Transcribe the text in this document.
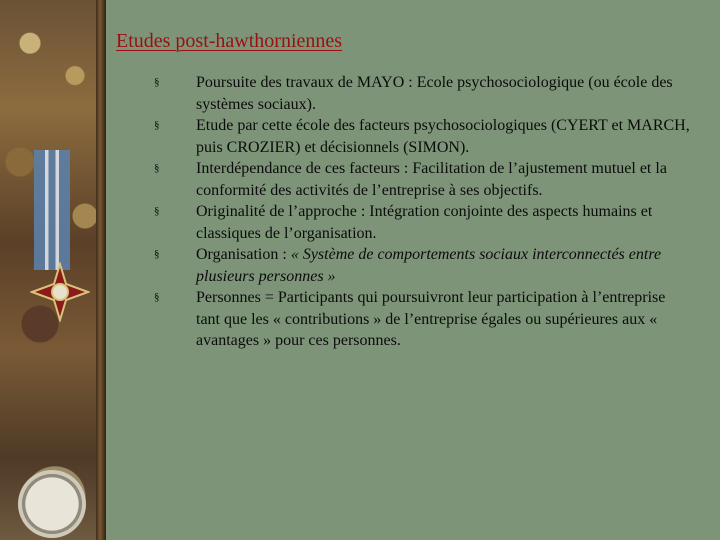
Etudes post-hawthorniennes
§ Poursuite des travaux de MAYO : Ecole psychosociologique (ou école des systèmes sociaux).
§ Etude par cette école des facteurs psychosociologiques (CYERT et MARCH, puis CROZIER) et décisionnels (SIMON).
§ Interdépendance de ces facteurs : Facilitation de l’ajustement mutuel et la conformité des activités de l’entreprise à ses objectifs.
§ Originalité de l’approche : Intégration conjointe des aspects humains et classiques de l’organisation.
§ Organisation : « Système de comportements sociaux interconnectés entre plusieurs personnes »
§ Personnes = Participants qui poursuivront leur participation à l’entreprise tant que les « contributions » de l’entreprise égales ou supérieures aux « avantages » pour ces personnes.
